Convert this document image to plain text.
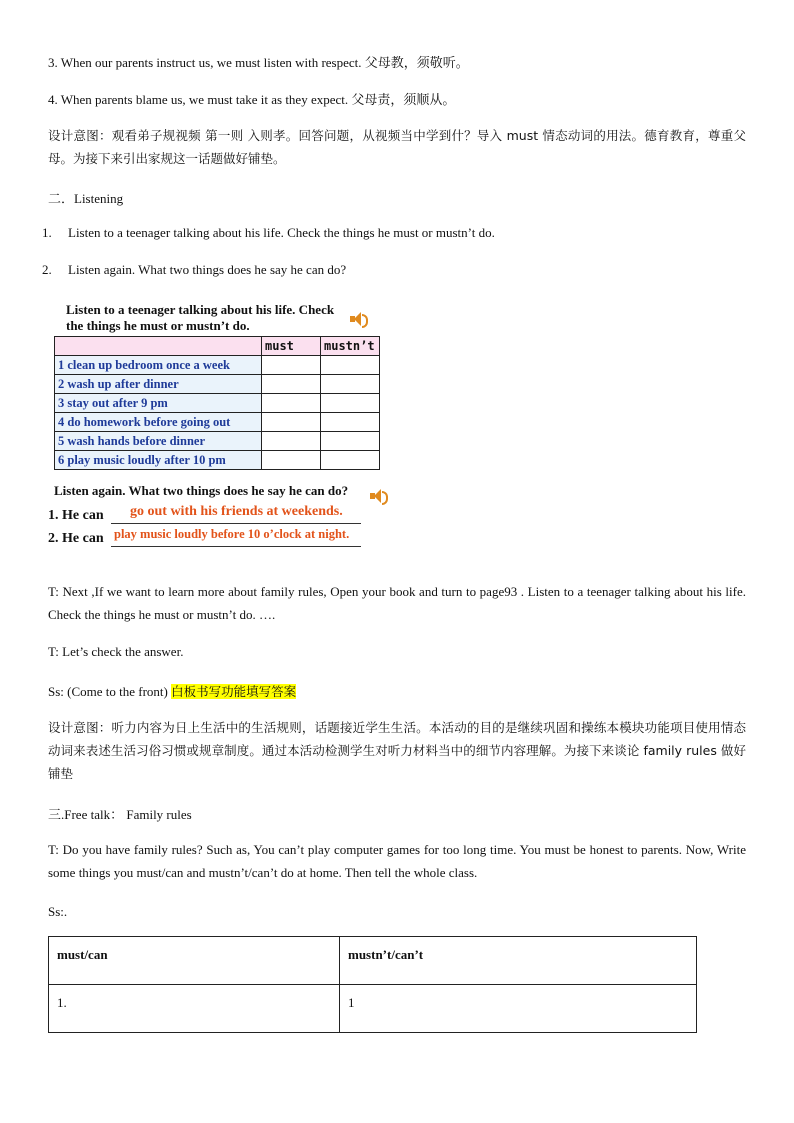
3. When our parents instruct us, we must listen with respect. 父母教，须敬听。
4. When parents blame us, we must take it as they expect. 父母责，须顺从。
设计意图：观看弟子规视频 第一则 入则孝。回答问题，从视频当中学到什？导入 must 情态动词的用法。德育教育，尊重父母。为接下来引出家规这一话题做好铺垫。
二．Listening
1. Listen to a teenager talking about his life. Check the things he must or mustn’t do.
2. Listen again. What two things does he say he can do?
Listen to a teenager talking about his life. Check
the things he must or mustn’t do.
	must	mustn’t
1 clean up bedroom once a week		
2 wash up after dinner		
3 stay out after 9 pm		
4 do homework before going out		
5 wash hands before dinner		
6 play music loudly after 10 pm		
Listen again. What two things does he say he can do?
1. He can go out with his friends at weekends.
2. He can play music loudly before 10 o’clock at night.
T: Next ,If we want to learn more about family rules, Open your book and turn to page93 . Listen to a teenager talking about his life. Check the things he must or mustn’t do. ….
T: Let’s check the answer.
Ss: (Come to the front) 白板书写功能填写答案
设计意图：听力内容为日上生活中的生活规则，话题接近学生生活。本活动的目的是继续巩固和操练本模块功能项目使用情态动词来表述生活习俗习惯或规章制度。通过本活动检测学生对听力材料当中的细节内容理解。为接下来谈论 family rules 做好铺垫
三.Free talk： Family rules
T: Do you have family rules? Such as, You can’t play computer games for too long time. You must be honest to parents. Now, Write some things you must/can and mustn’t/can’t do at home. Then tell the whole class.
Ss:.
must/can	mustn’t/can’t
1.	1
